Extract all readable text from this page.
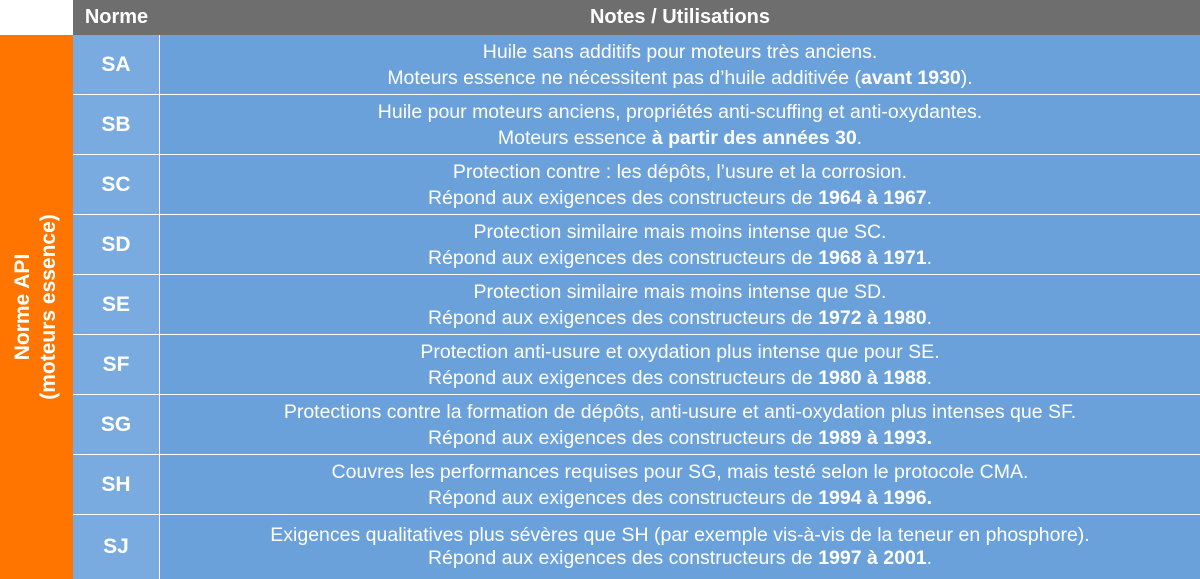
Norme	Notes / Utilisations
Norme API (moteurs essence)
SA
Huile sans additifs pour moteurs très anciens.
Moteurs essence ne nécessitent pas d’huile additivée (avant 1930).
SB
Huile pour moteurs anciens, propriétés anti-scuffing et anti-oxydantes.
Moteurs essence à partir des années 30.
SC
Protection contre : les dépôts, l’usure et la corrosion.
Répond aux exigences des constructeurs de 1964 à 1967.
SD
Protection similaire mais moins intense que SC.
Répond aux exigences des constructeurs de 1968 à 1971.
SE
Protection similaire mais moins intense que SD.
Répond aux exigences des constructeurs de 1972 à 1980.
SF
Protection anti-usure et oxydation plus intense que pour SE.
Répond aux exigences des constructeurs de 1980 à 1988.
SG
Protections contre la formation de dépôts, anti-usure et anti-oxydation plus intenses que SF.
Répond aux exigences des constructeurs de 1989 à 1993.
SH
Couvres les performances requises pour SG, mais testé selon le protocole CMA.
Répond aux exigences des constructeurs de 1994 à 1996.
SJ	Exigences qualitatives plus sévères que SH (par exemple vis-à-vis de la teneur en phosphore).
Répond aux exigences des constructeurs de 1997 à 2001.
